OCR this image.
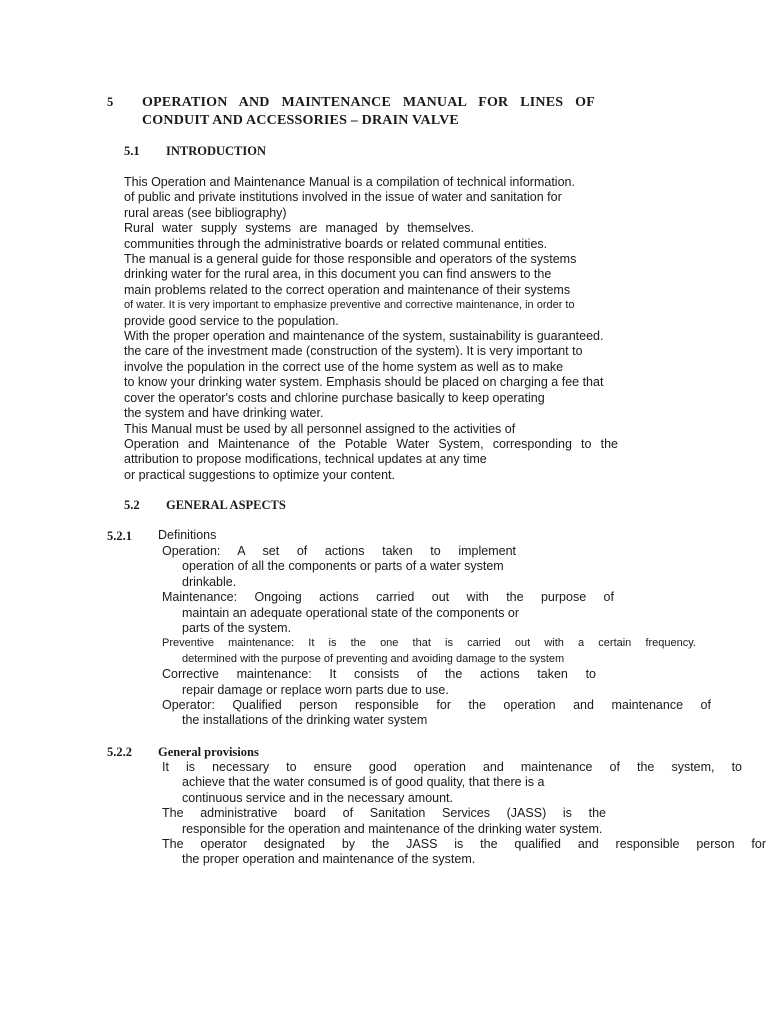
5 OPERATION AND MAINTENANCE MANUAL FOR LINES OF
CONDUIT AND ACCESSORIES – DRAIN VALVE
5.1 INTRODUCTION
This Operation and Maintenance Manual is a compilation of technical information.
of public and private institutions involved in the issue of water and sanitation for
rural areas (see bibliography)
Rural water supply systems are managed by themselves.
communities through the administrative boards or related communal entities.
The manual is a general guide for those responsible and operators of the systems
drinking water for the rural area, in this document you can find answers to the
main problems related to the correct operation and maintenance of their systems
of water. It is very important to emphasize preventive and corrective maintenance, in order to
provide good service to the population.
With the proper operation and maintenance of the system, sustainability is guaranteed.
the care of the investment made (construction of the system). It is very important to
involve the population in the correct use of the home system as well as to make
to know your drinking water system. Emphasis should be placed on charging a fee that
cover the operator's costs and chlorine purchase basically to keep operating
the system and have drinking water.
This Manual must be used by all personnel assigned to the activities of
Operation and Maintenance of the Potable Water System, corresponding to the
attribution to propose modifications, technical updates at any time
or practical suggestions to optimize your content.
5.2 GENERAL ASPECTS
5.2.1 Definitions
Operation: A set of actions taken to implement
operation of all the components or parts of a water system
drinkable.
Maintenance: Ongoing actions carried out with the purpose of
maintain an adequate operational state of the components or
parts of the system.
Preventive maintenance: It is the one that is carried out with a certain frequency.
determined with the purpose of preventing and avoiding damage to the system
Corrective maintenance: It consists of the actions taken to
repair damage or replace worn parts due to use.
Operator: Qualified person responsible for the operation and maintenance of
the installations of the drinking water system
5.2.2 General provisions
It is necessary to ensure good operation and maintenance of the system, to
achieve that the water consumed is of good quality, that there is a
continuous service and in the necessary amount.
The administrative board of Sanitation Services (JASS) is the
responsible for the operation and maintenance of the drinking water system.
The operator designated by the JASS is the qualified and responsible person for
the proper operation and maintenance of the system.
